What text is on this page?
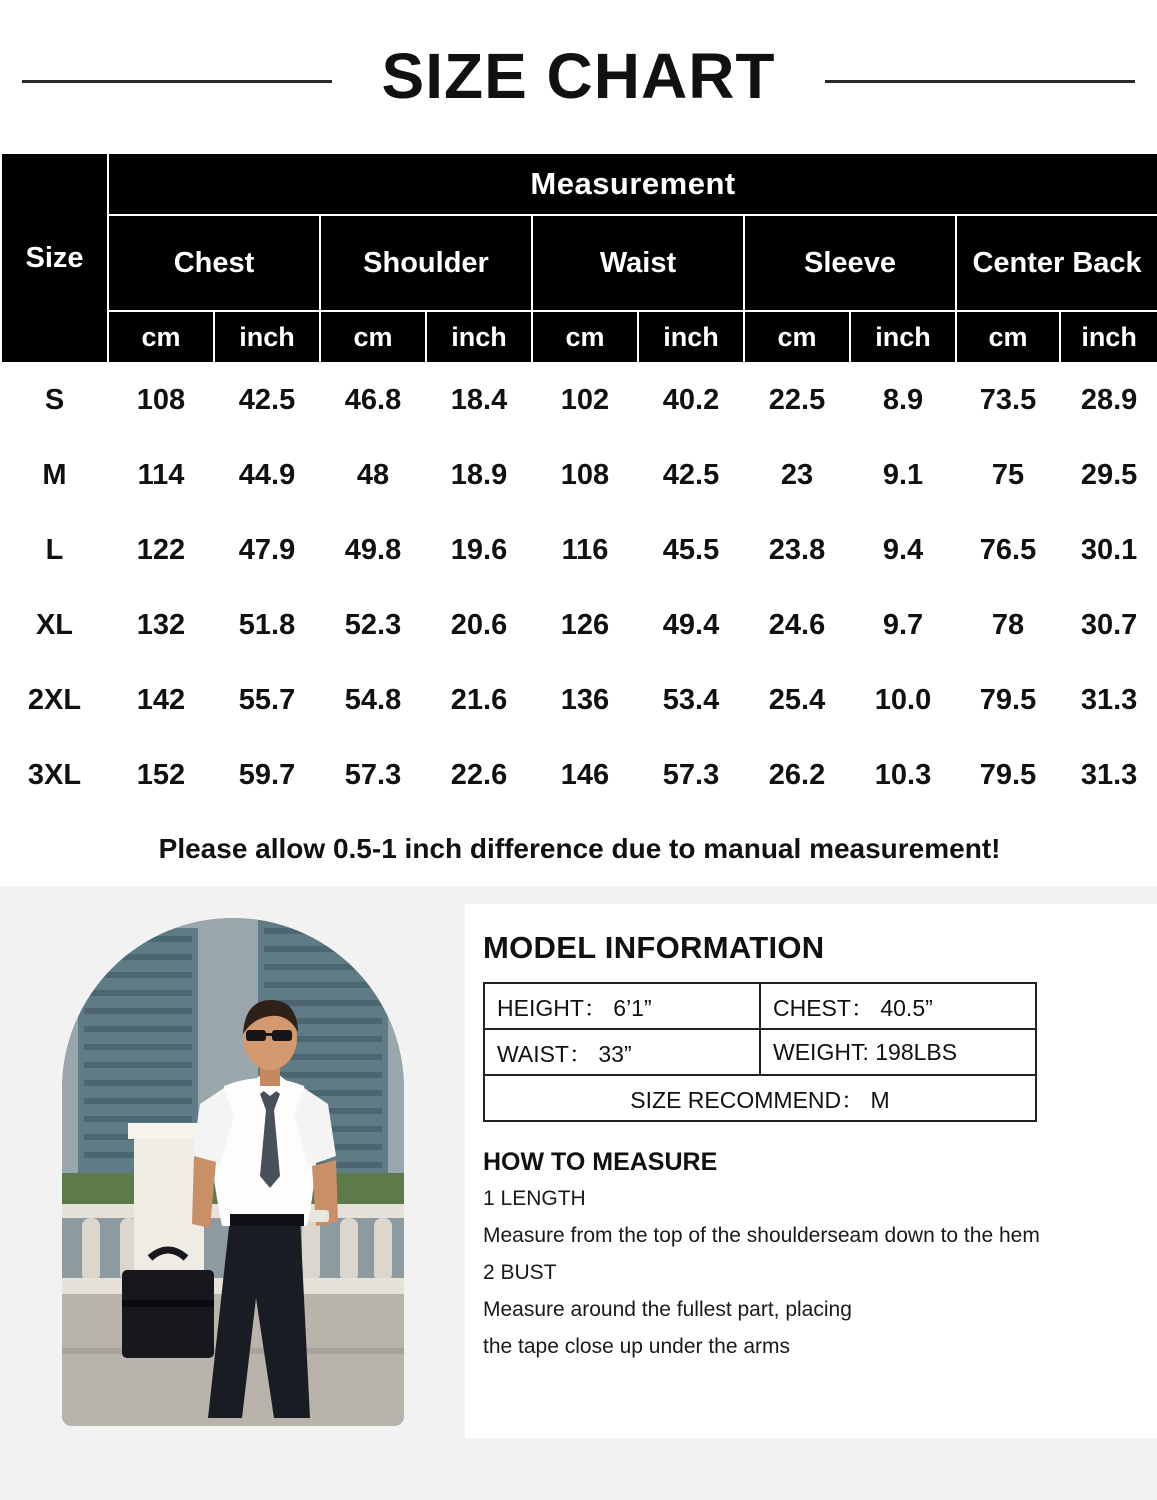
SIZE CHART
Size	Measurement									
	Chest		Shoulder		Waist		Sleeve		Center Back	
	cm	inch	cm	inch	cm	inch	cm	inch	cm	inch
S	108	42.5	46.8	18.4	102	40.2	22.5	8.9	73.5	28.9
M	114	44.9	48	18.9	108	42.5	23	9.1	75	29.5
L	122	47.9	49.8	19.6	116	45.5	23.8	9.4	76.5	30.1
XL	132	51.8	52.3	20.6	126	49.4	24.6	9.7	78	30.7
2XL	142	55.7	54.8	21.6	136	53.4	25.4	10.0	79.5	31.3
3XL	152	59.7	57.3	22.6	146	57.3	26.2	10.3	79.5	31.3
Please allow 0.5-1 inch difference due to manual measurement!										
MODEL INFORMATION
HEIGHT： 6’1”	CHEST： 40.5”
WAIST： 33”	WEIGHT: 198LBS
SIZE RECOMMEND： M	
HOW TO MEASURE

1 LENGTH

Measure from the top of the shoulderseam down to the hem

2 BUST

Measure around the fullest part, placing

the tape close up under the arms
